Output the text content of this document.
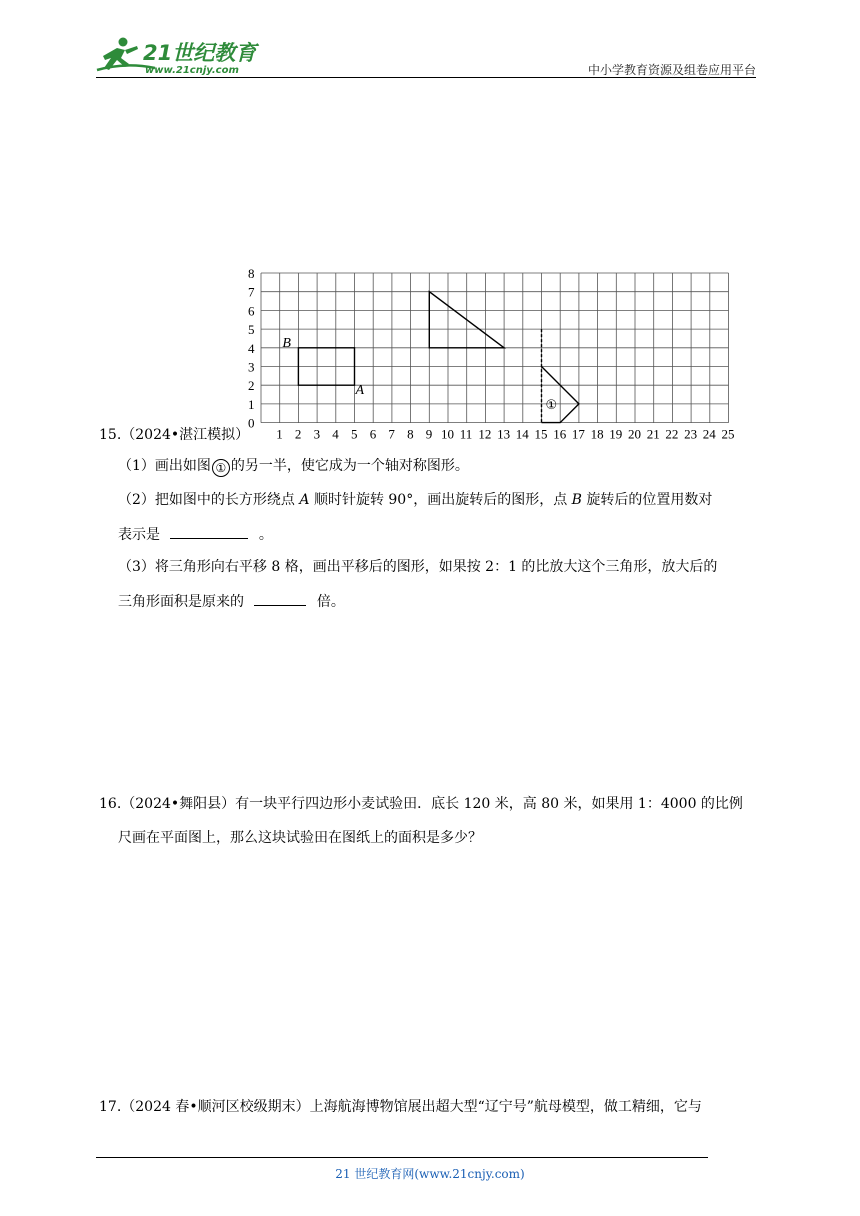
21世纪教育
www.21cnjy.com	中小学教育资源及组卷应用平台
8
7
6
5
4
3
2
1
0
1 2 3 4 5 6 7 8 9 10 11 12 13 14 15 16 17 18 19 20 21 22 23 24 25
B
A
①
15.（2024•湛江模拟）
（1）画出如图 ① 的另一半，使它成为一个轴对称图形。
（2）把如图中的长方形绕点 A 顺时针旋转 90°，画出旋转后的图形，点 B 旋转后的位置用数对
表示是	。
（3）将三角形向右平移 8 格，画出平移后的图形，如果按 2：1 的比放大这个三角形，放大后的
三角形面积是原来的	倍。
16.（2024•舞阳县）有一块平行四边形小麦试验田．底长 120 米，高 80 米，如果用 1：4000 的比例
尺画在平面图上，那么这块试验田在图纸上的面积是多少？
17.（2024 春•顺河区校级期末）上海航海博物馆展出超大型“辽宁号”航母模型，做工精细，它与
21 世纪教育网(www.21cnjy.com)
